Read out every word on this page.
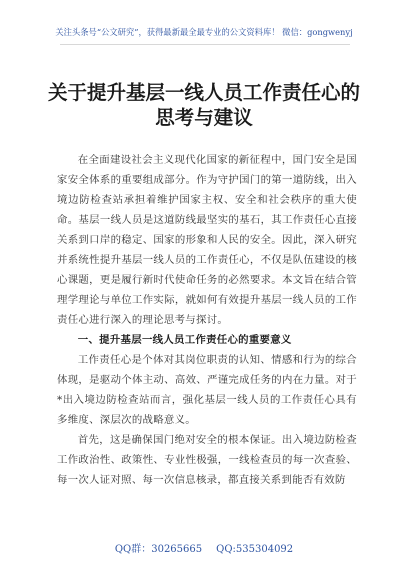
关注头条号“公文研究”，获得最新最全最专业的公文资料库！ 微信：gongwenyj
关于提升基层一线人员工作责任心的
思考与建议

在全面建设社会主义现代化国家的新征程中，国门安全是国家安全体系的重要组成部分。作为守护国门的第一道防线，出入境边防检查站承担着维护国家主权、安全和社会秩序的重大使命。基层一线人员是这道防线最坚实的基石，其工作责任心直接关系到口岸的稳定、国家的形象和人民的安全。因此，深入研究并系统性提升基层一线人员的工作责任心，不仅是队伍建设的核心课题，更是履行新时代使命任务的必然要求。本文旨在结合管理学理论与单位工作实际，就如何有效提升基层一线人员的工作责任心进行深入的理论思考与探讨。

一、提升基层一线人员工作责任心的重要意义

工作责任心是个体对其岗位职责的认知、情感和行为的综合体现，是驱动个体主动、高效、严谨完成任务的内在力量。对于*出入境边防检查站而言，强化基层一线人员的工作责任心具有多维度、深层次的战略意义。

首先，这是确保国门绝对安全的根本保证。出入境边防检查工作政治性、政策性、专业性极强，一线检查员的每一次查验、每一次人证对照、每一次信息核录，都直接关系到能否有效防

QQ群：30265665 QQ:535304092
